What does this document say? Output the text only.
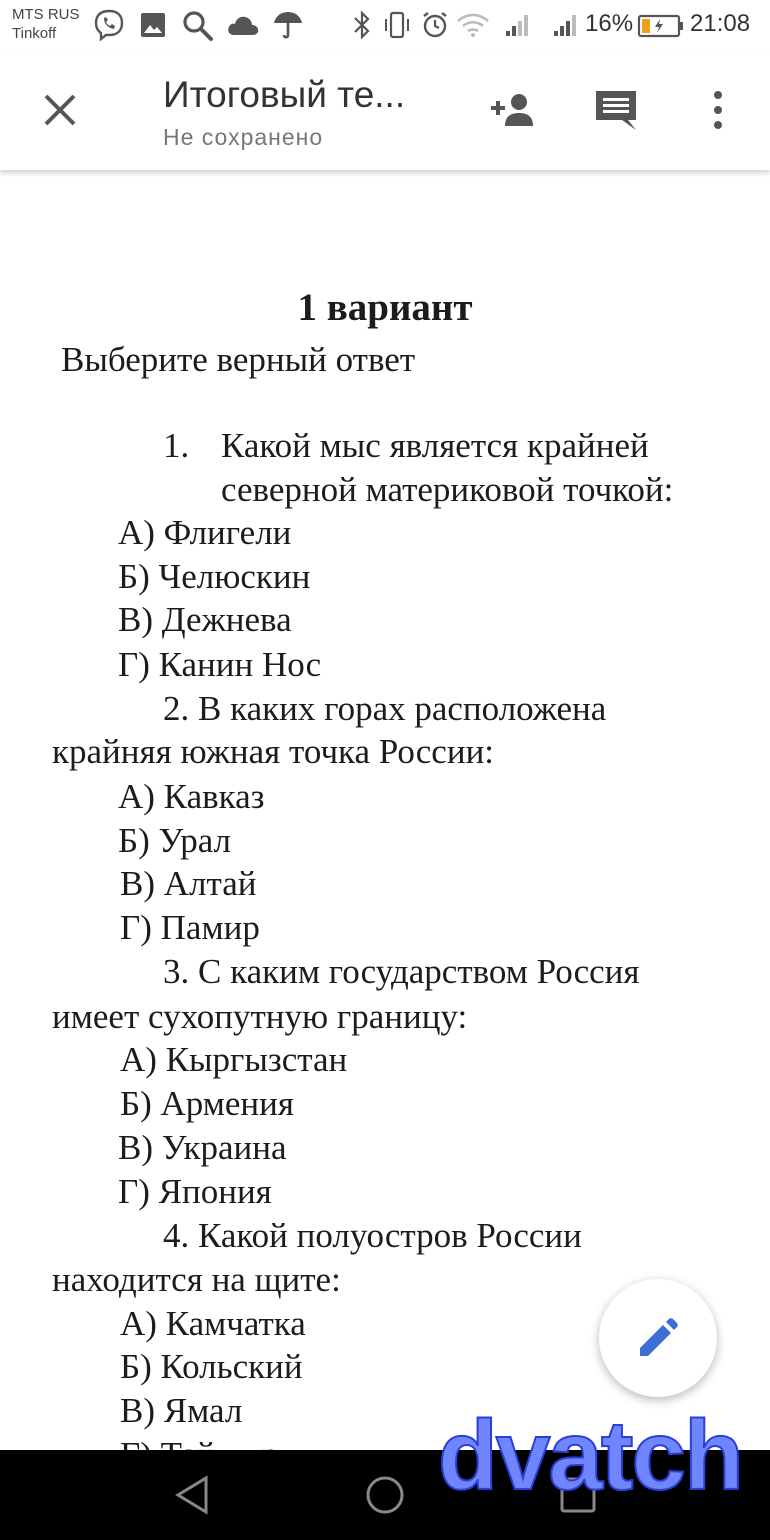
MTS RUS
Tinkoff	16% 21:08
Итоговый те...
Не сохранено
1 вариант
Выберите верный ответ
1. Какой мыс является крайней
северной материковой точкой:
А) Флигели
Б) Челюскин
В) Дежнева
Г) Канин Нос
2. В каких горах расположена
крайняя южная точка России:
А) Кавказ
Б) Урал
В) Алтай
Г) Памир
3. С каким государством Россия
имеет сухопутную границу:
А) Кыргызстан
Б) Армения
В) Украина
Г) Япония
4. Какой полуостров России
находится на щите:
А) Камчатка
Б) Кольский
В) Ямал dvatch
